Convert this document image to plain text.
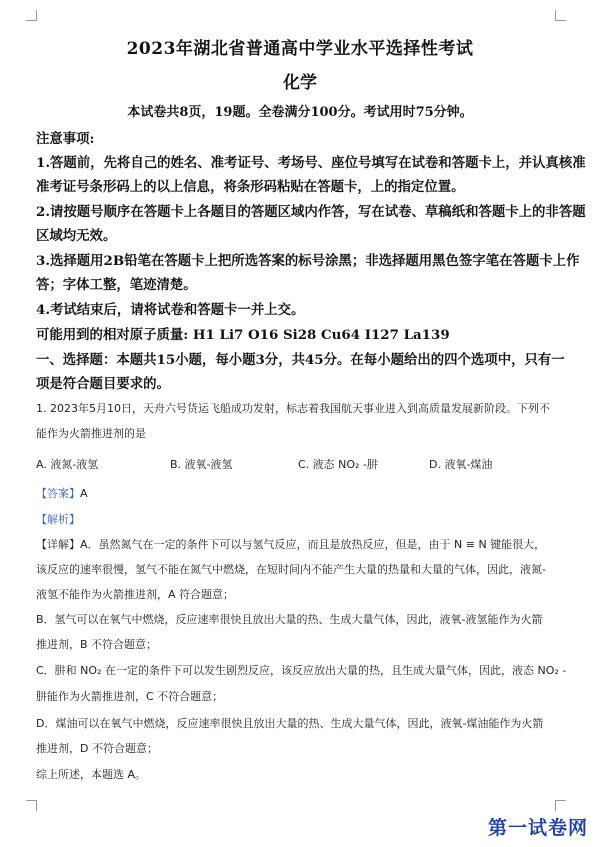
2023年湖北省普通高中学业水平选择性考试
化学
本试卷共8页，19题。全卷满分100分。考试用时75分钟。
注意事项:
1.答题前，先将自己的姓名、准考证号、考场号、座位号填写在试卷和答题卡上，并认真核准
准考证号条形码上的以上信息，将条形码粘贴在答题卡，上的指定位置。
2.请按题号顺序在答题卡上各题目的答题区域内作答，写在试卷、草稿纸和答题卡上的非答题
区域均无效。
3.选择题用2B铅笔在答题卡上把所选答案的标号涂黑；非选择题用黑色签字笔在答题卡上作
答；字体工整，笔迹清楚。
4.考试结束后，请将试卷和答题卡一并上交。
可能用到的相对原子质量: H1 Li7 O16 Si28 Cu64 I127 La139
一、选择题：本题共15小题，每小题3分，共45分。在每小题给出的四个选项中，只有一
项是符合题目要求的。
1. 2023年5月10日，天舟六号货运飞船成功发射，标志着我国航天事业进入到高质量发展新阶段。下列不
能作为火箭推进剂的是
A. 液氮-液氢	B. 液氧-液氢	C. 液态 NO₂ -肼	D. 液氧-煤油
【答案】A
【解析】
【详解】A．虽然氮气在一定的条件下可以与氢气反应，而且是放热反应，但是，由于 N ≡ N 键能很大，
该反应的速率很慢，氢气不能在氮气中燃烧，在短时间内不能产生大量的热量和大量的气体，因此，液氮-
液氢不能作为火箭推进剂，A 符合题意；
B．氢气可以在氧气中燃烧，反应速率很快且放出大量的热、生成大量气体，因此，液氧-液氢能作为火箭
推进剂，B 不符合题意；
C．肼和 NO₂ 在一定的条件下可以发生剧烈反应，该反应放出大量的热，且生成大量气体，因此，液态 NO₂ -
肼能作为火箭推进剂，C 不符合题意；
D．煤油可以在氧气中燃烧，反应速率很快且放出大量的热、生成大量气体，因此，液氧-煤油能作为火箭
推进剂，D 不符合题意；
综上所述，本题选 A。
第一试卷网
